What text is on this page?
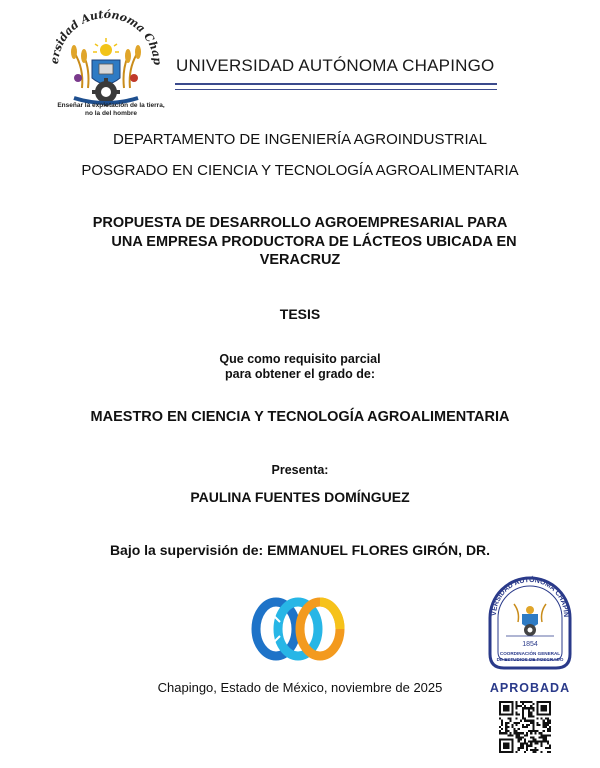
ersidad Autónoma Chap
Enseñar la explotación de la tierra,
no la del hombre
UNIVERSIDAD AUTÓNOMA CHAPINGO
DEPARTAMENTO DE INGENIERÍA AGROINDUSTRIAL
POSGRADO EN CIENCIA Y TECNOLOGÍA AGROALIMENTARIA
PROPUESTA DE DESARROLLO AGROEMPRESARIAL PARA
UNA EMPRESA PRODUCTORA DE LÁCTEOS UBICADA EN
VERACRUZ
TESIS
Que como requisito parcial
para obtener el grado de:
MAESTRO EN CIENCIA Y TECNOLOGÍA AGROALIMENTARIA
Presenta:
PAULINA FUENTES DOMÍNGUEZ
Bajo la supervisión de: EMMANUEL FLORES GIRÓN, DR.
Chapingo, Estado de México, noviembre de 2025
VERSIDAD AUTÓNOMA CHAPIN
1854
COORDINACIÓN GENERAL
DE ESTUDIOS DE POSGRADO
APROBADA
